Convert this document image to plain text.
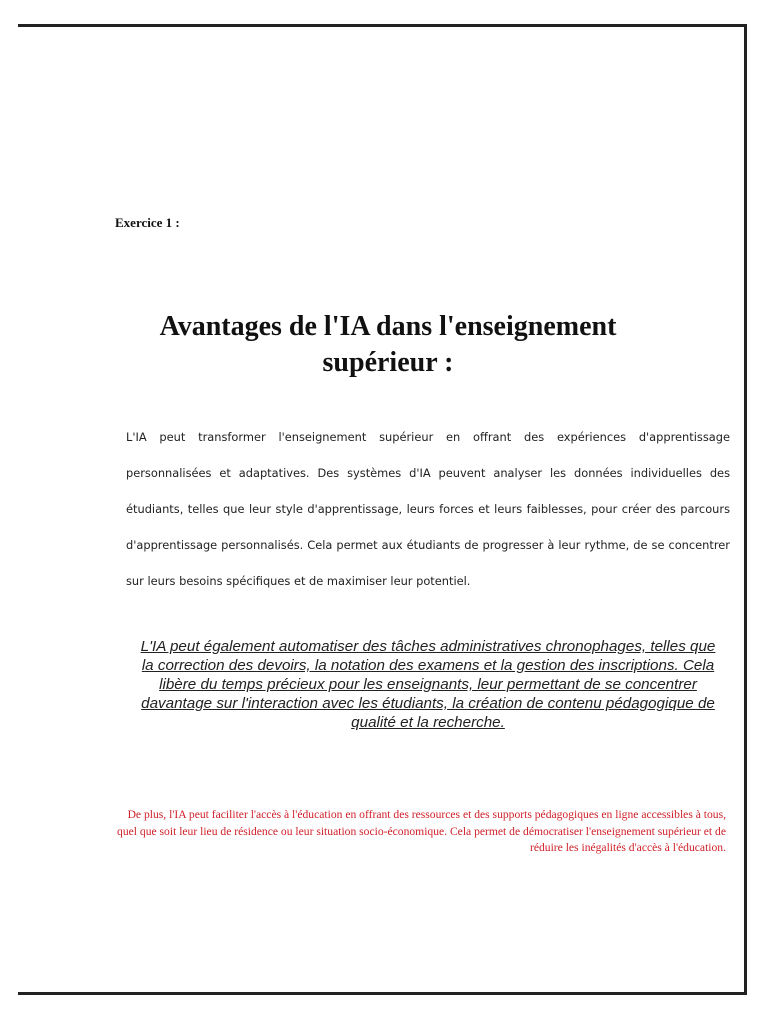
Exercice 1 :
Avantages de l'IA dans l'enseignement supérieur :
L'IA peut transformer l'enseignement supérieur en offrant des expériences d'apprentissage personnalisées et adaptatives. Des systèmes d'IA peuvent analyser les données individuelles des étudiants, telles que leur style d'apprentissage, leurs forces et leurs faiblesses, pour créer des parcours d'apprentissage personnalisés. Cela permet aux étudiants de progresser à leur rythme, de se concentrer sur leurs besoins spécifiques et de maximiser leur potentiel.
L'IA peut également automatiser des tâches administratives chronophages, telles que la correction des devoirs, la notation des examens et la gestion des inscriptions. Cela libère du temps précieux pour les enseignants, leur permettant de se concentrer davantage sur l'interaction avec les étudiants, la création de contenu pédagogique de qualité et la recherche.
De plus, l'IA peut faciliter l'accès à l'éducation en offrant des ressources et des supports pédagogiques en ligne accessibles à tous, quel que soit leur lieu de résidence ou leur situation socio-économique. Cela permet de démocratiser l'enseignement supérieur et de réduire les inégalités d'accès à l'éducation.
